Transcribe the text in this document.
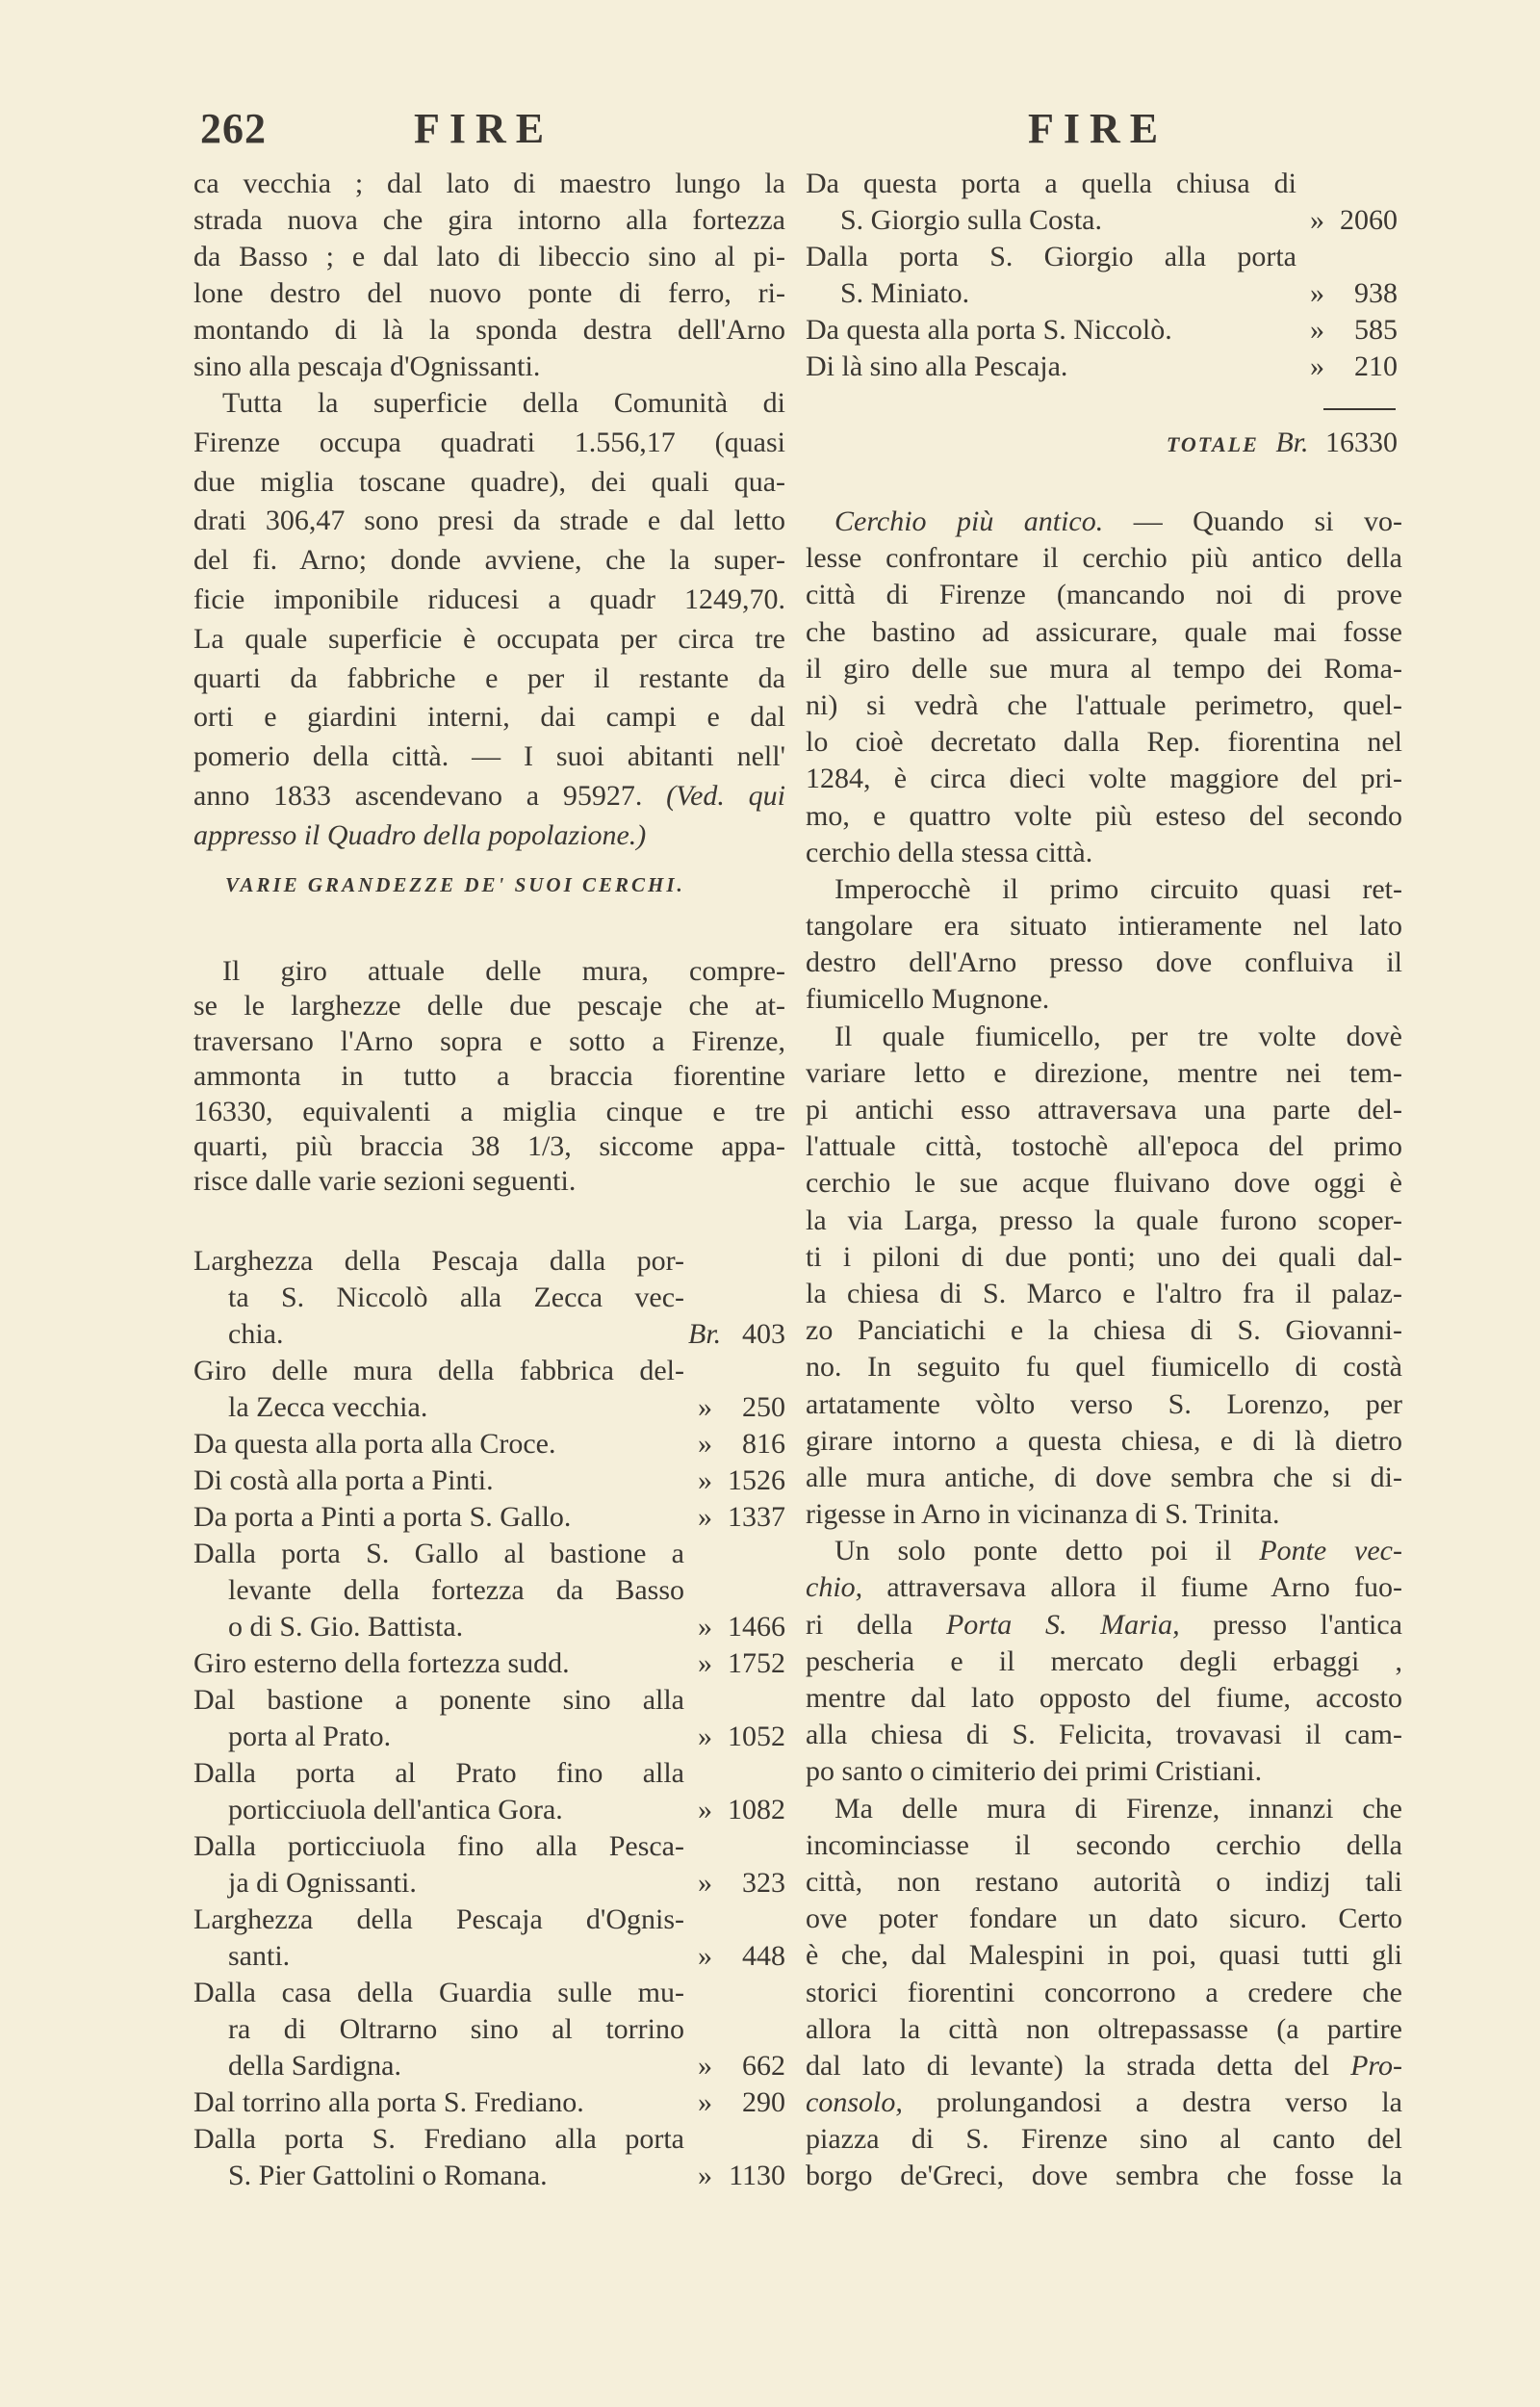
262	FIRE	FIRE
ca vecchia ; dal lato di maestro lungo la
strada nuova che gira intorno alla fortezza
da Basso ; e dal lato di libeccio sino al pi-
lone destro del nuovo ponte di ferro, ri-
montando di là la sponda destra dell'Arno
sino alla pescaja d'Ognissanti.
Tutta la superficie della Comunità di
Firenze occupa quadrati 1.556,17 (quasi
due miglia toscane quadre), dei quali qua-
drati 306,47 sono presi da strade e dal letto
del fi. Arno; donde avviene, che la super-
ficie imponibile riducesi a quadr 1249,70.
La quale superficie è occupata per circa tre
quarti da fabbriche e per il restante da
orti e giardini interni, dai campi e dal
pomerio della città. — I suoi abitanti nell'
anno 1833 ascendevano a 95927. (Ved. qui
appresso il Quadro della popolazione.)
VARIE GRANDEZZE DE' SUOI CERCHI.
Il giro attuale delle mura, compre-
se le larghezze delle due pescaje che at-
traversano l'Arno sopra e sotto a Firenze,
ammonta in tutto a braccia fiorentine
16330, equivalenti a miglia cinque e tre
quarti, più braccia 38 1/3, siccome appa-
risce dalle varie sezioni seguenti.
Larghezza della Pescaja dalla por-
ta S. Niccolò alla Zecca vec-
chia.	Br. 403
Giro delle mura della fabbrica del-
la Zecca vecchia.	»	250
Da questa alla porta alla Croce.	»	816
Di costà alla porta a Pinti.	» 1526
Da porta a Pinti a porta S. Gallo.	» 1337
Dalla porta S. Gallo al bastione a
levante della fortezza da Basso
o di S. Gio. Battista.	» 1466
Giro esterno della fortezza sudd.	» 1752
Dal bastione a ponente sino alla
porta al Prato.	» 1052
Dalla porta al Prato fino alla
porticciuola dell'antica Gora.	» 1082
Dalla porticciuola fino alla Pesca-
ja di Ognissanti.	»	323
Larghezza della Pescaja d'Ognis-
santi.	»	448
Dalla casa della Guardia sulle mu-
ra di Oltrarno sino al torrino
della Sardigna.	»	662
Dal torrino alla porta S. Frediano.	»	290
Dalla porta S. Frediano alla porta
S. Pier Gattolini o Romana.	» 1130
Da questa porta a quella chiusa di
S. Giorgio sulla Costa.	» 2060
Dalla porta S. Giorgio alla porta
S. Miniato.	»	938
Da questa alla porta S. Niccolò.	»	585
Di là sino alla Pescaja.	»	210
TOTALE Br. 16330
Cerchio più antico. — Quando si vo-
lesse confrontare il cerchio più antico della
città di Firenze (mancando noi di prove
che bastino ad assicurare, quale mai fosse
il giro delle sue mura al tempo dei Roma-
ni) si vedrà che l'attuale perimetro, quel-
lo cioè decretato dalla Rep. fiorentina nel
1284, è circa dieci volte maggiore del pri-
mo, e quattro volte più esteso del secondo
cerchio della stessa città.
Imperocchè il primo circuito quasi ret-
tangolare era situato intieramente nel lato
destro dell'Arno presso dove confluiva il
fiumicello Mugnone.
Il quale fiumicello, per tre volte dovè
variare letto e direzione, mentre nei tem-
pi antichi esso attraversava una parte del-
l'attuale città, tostochè all'epoca del primo
cerchio le sue acque fluivano dove oggi è
la via Larga, presso la quale furono scoper-
ti i piloni di due ponti; uno dei quali dal-
la chiesa di S. Marco e l'altro fra il palaz-
zo Panciatichi e la chiesa di S. Giovanni-
no. In seguito fu quel fiumicello di costà
artatamente vòlto verso S. Lorenzo, per
girare intorno a questa chiesa, e di là dietro
alle mura antiche, di dove sembra che si di-
rigesse in Arno in vicinanza di S. Trinita.
Un solo ponte detto poi il Ponte vec-
chio, attraversava allora il fiume Arno fuo-
ri della Porta S. Maria, presso l'antica
pescheria e il mercato degli erbaggi ,
mentre dal lato opposto del fiume, accosto
alla chiesa di S. Felicita, trovavasi il cam-
po santo o cimiterio dei primi Cristiani.
Ma delle mura di Firenze, innanzi che
incominciasse il secondo cerchio della
città, non restano autorità o indizj tali
ove poter fondare un dato sicuro. Certo
è che, dal Malespini in poi, quasi tutti gli
storici fiorentini concorrono a credere che
allora la città non oltrepassasse (a partire
dal lato di levante) la strada detta del Pro-
consolo, prolungandosi a destra verso la
piazza di S. Firenze sino al canto del
borgo de'Greci, dove sembra che fosse la
